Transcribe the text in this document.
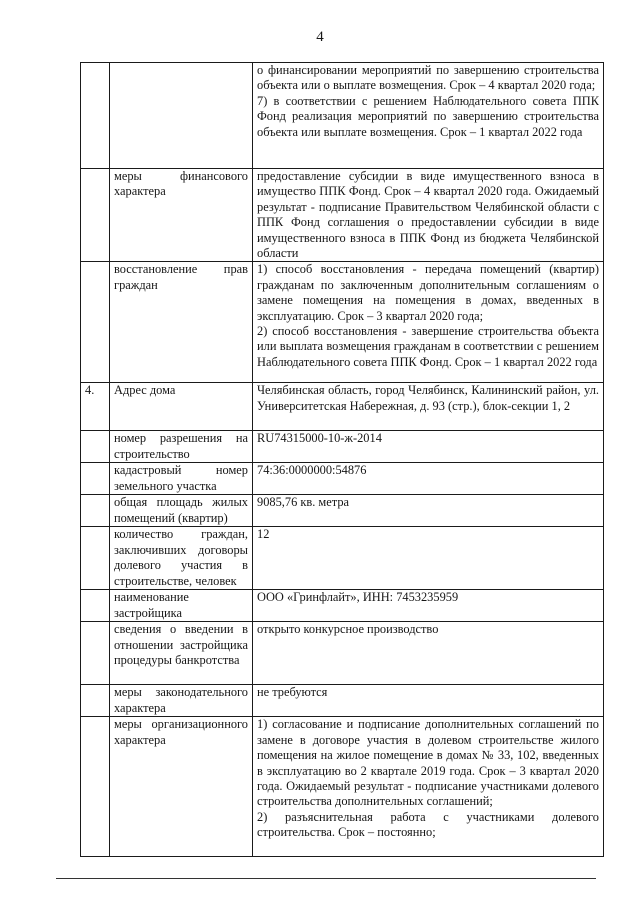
4

		о финансировании мероприятий по завершению строительства объекта или о выплате возмещения. Срок – 4 квартал 2020 года;
7) в соответствии с решением Наблюдательного совета ППК Фонд реализация мероприятий по завершению строительства объекта или выплате возмещения. Срок – 1 квартал 2022 года

	меры финансового характера	предоставление субсидии в виде имущественного взноса в имущество ППК Фонд. Срок – 4 квартал 2020 года. Ожидаемый результат - подписание Правительством Челябинской области с ППК Фонд соглашения о предоставлении субсидии в виде имущественного взноса в ППК Фонд из бюджета Челябинской области

	восстановление прав граждан	1) способ восстановления - передача помещений (квартир) гражданам по заключенным дополнительным соглашениям о замене помещения на помещения в домах, введенных в эксплуатацию. Срок – 3 квартал 2020 года;
2) способ восстановления - завершение строительства объекта или выплата возмещения гражданам в соответствии с решением Наблюдательного совета ППК Фонд. Срок – 1 квартал 2022 года

4.	Адрес дома	Челябинская область, город Челябинск, Калининский район, ул. Университетская Набережная, д. 93 (стр.), блок-секции 1, 2

	номер разрешения на строительство	RU74315000-10-ж-2014

	кадастровый номер земельного участка	74:36:0000000:54876

	общая площадь жилых помещений (квартир)	9085,76 кв. метра

	количество граждан, заключивших договоры долевого участия в строительстве, человек	12

	наименование застройщика	ООО «Гринфлайт», ИНН: 7453235959

	сведения о введении в отношении застройщика процедуры банкротства	открыто конкурсное производство

	меры законодательного характера	не требуются

	меры организационного характера	1) согласование и подписание дополнительных соглашений по замене в договоре участия в долевом строительстве жилого помещения на жилое помещение в домах № 33, 102, введенных в эксплуатацию во 2 квартале 2019 года. Срок – 3 квартал 2020 года. Ожидаемый результат - подписание участниками долевого строительства дополнительных соглашений;
2) разъяснительная работа с участниками долевого строительства. Срок – постоянно;
